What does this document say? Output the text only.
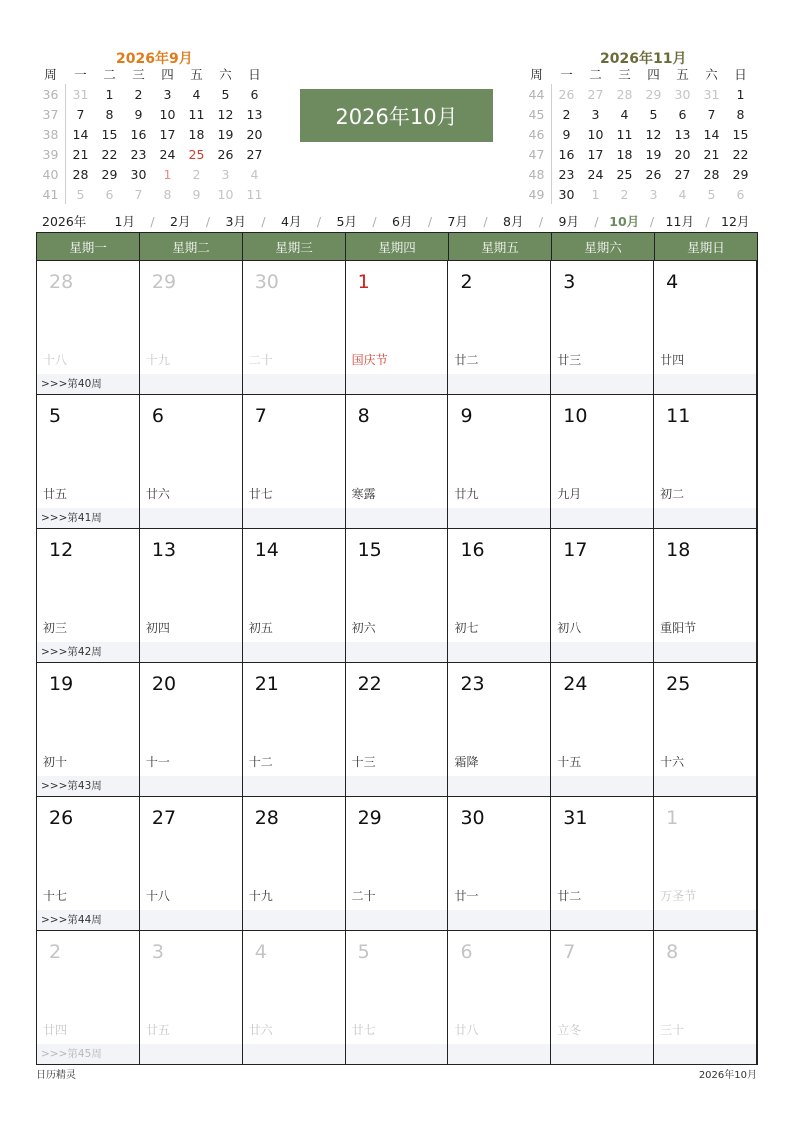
2026年9月
周	一	二	三	四	五	六	日
36	31	1	2	3	4	5	6
37	7	8	9	10	11	12	13
38	14	15	16	17	18	19	20
39	21	22	23	24	25	26	27
40	28	29	30	1	2	3	4
41	5	6	7	8	9	10	11
2026年11月
周	一	二	三	四	五	六	日
44	26	27	28	29	30	31	1
45	2	3	4	5	6	7	8
46	9	10	11	12	13	14	15
47	16	17	18	19	20	21	22
48	23	24	25	26	27	28	29
49	30	1	2	3	4	5	6
2026年10月
2026年	1月	/	2月	/	3月	/	4月	/	5月	/	6月	/	7月	/	8月	/	9月	/ 10月 / 11月 / 12月
星期一	星期二	星期三	星期四	星期五	星期六	星期日
28
十八
29
十九
30
二十
1
国庆节
2
廿二
3
廿三
4
廿四
>>>第40周
5
廿五
6
廿六
7
廿七
8
寒露
9
廿九
10
九月
11
初二
>>>第41周
12
初三
13
初四
14
初五
15
初六
16
初七
17
初八
18
重阳节
>>>第42周
19
初十
20
十一
21
十二
22
十三
23
霜降
24
十五
25
十六
>>>第43周
26
十七
27
十八
28
十九
29
二十
30
廿一
31
廿二
1
万圣节
>>>第44周
2
廿四
3
廿五
4
廿六
5
廿七
6
廿八
7
立冬
8
三十
>>>第45周
日历精灵	2026年10月
